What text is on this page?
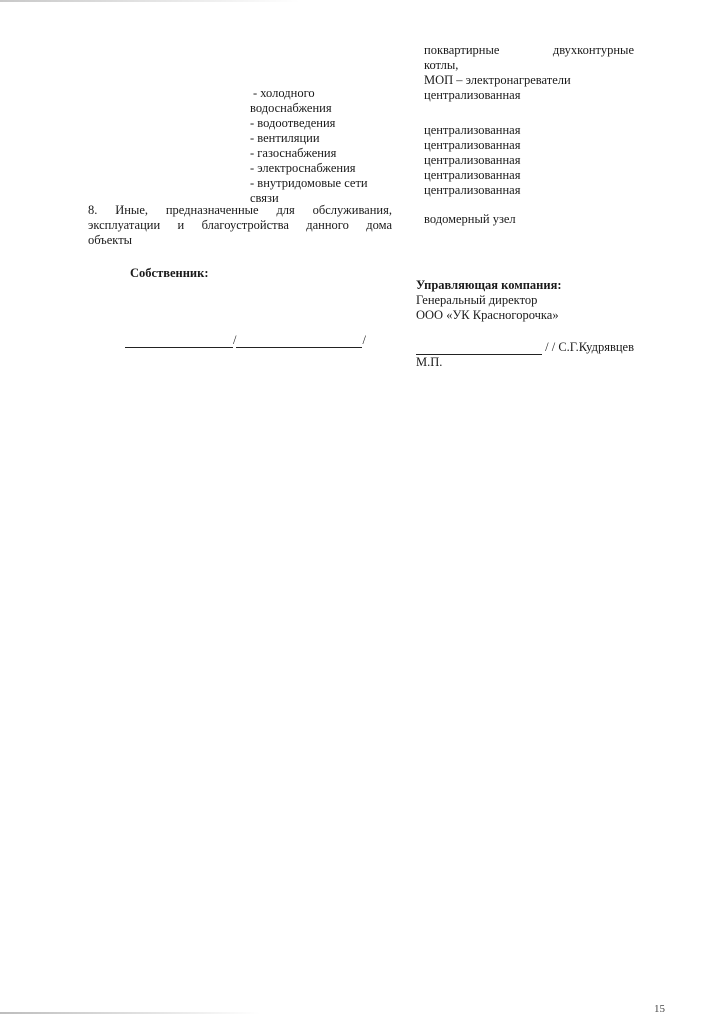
поквартирные	двухконтурные
котлы,
МОП – электронагреватели
централизованная
- холодного
водоснабжения
- водоотведения
- вентиляции
- газоснабжения
- электроснабжения
- внутридомовые сети
связи
централизованная
централизованная
централизованная
централизованная
централизованная
8. Иные, предназначенные для обслуживания,
эксплуатации и благоустройства данного дома
объекты
водомерный узел
Собственник:
/	/
Управляющая компания:
Генеральный директор
ООО «УК Красногорочка»
/ / С.Г.Кудрявцев
М.П.
15
